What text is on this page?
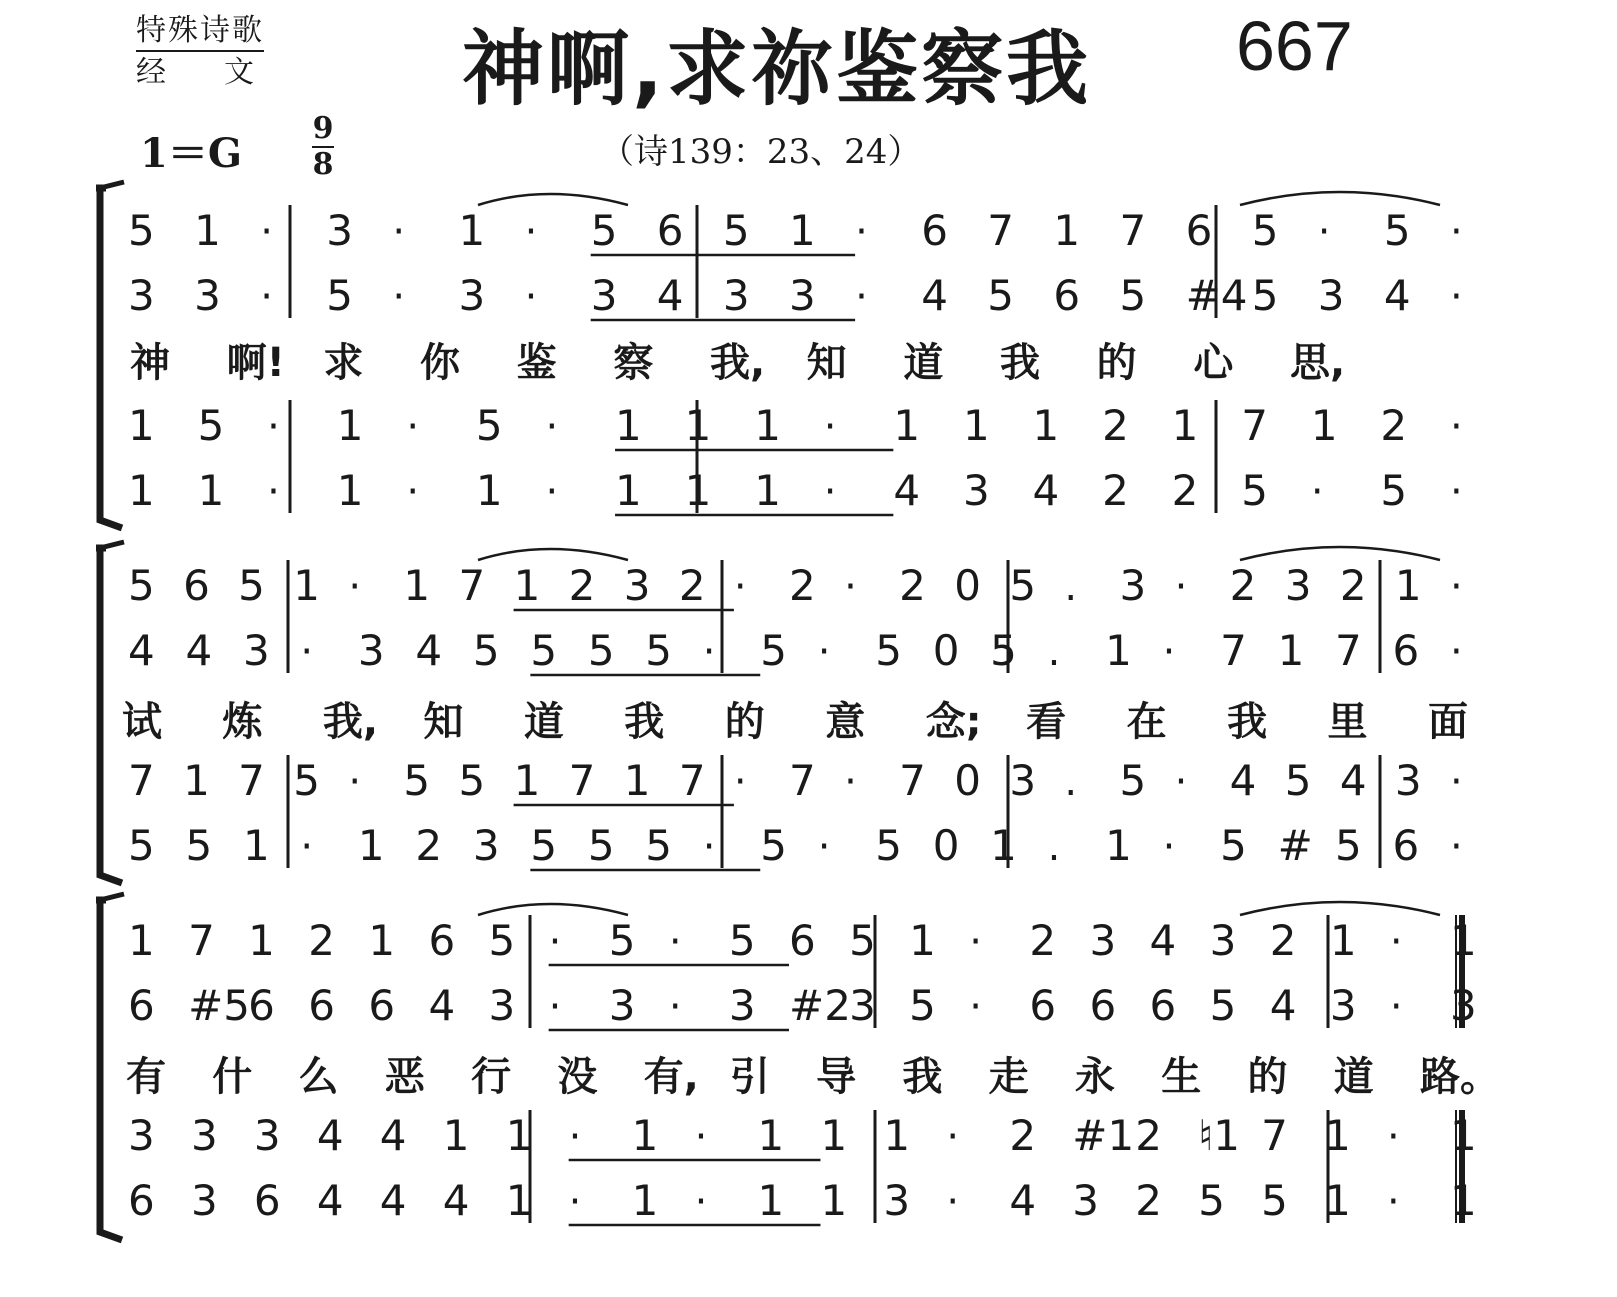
特殊诗歌
经文 神啊,求祢鉴察我 667
1＝G
9
8	（诗139：23、24）
5 1 · 3 · 1 · 5 6 5 1 · 6 7 1 7 6 5 · 5 ·
3 3 · 5 · 3 · 3 4 3 3 · 4 5 6 5 #4 5 3 4 ·
1 5 · 1 · 5 · 1 1 1 · 1 1 1 2 1 7 1 2 ·
1 1 · 1 · 1 · 1 1 1 · 4 3 4 2 2 5 · 5 ·
神 啊! 求 你 鉴 察 我, 知 道 我 的 心 思,
5 6 5 1 · 1 7 1 2 3 2 · 2 · 2 0 5 . 3 · 2 3 2 1 ·
4 4 3 · 3 4 5 5 5 5 · 5 · 5 0 5 . 1 · 7 1 7 6 ·
7 1 7 5 · 5 5 1 7 1 7 · 7 · 7 0 3 . 5 · 4 5 4 3 ·
5 5 1 · 1 2 3 5 5 5 · 5 · 5 0 1 . 1 · 5 # 5 6 ·
试 炼 我, 知 道 我 的 意 念; 看 在 我 里 面
1 7 1 2 1 6 5 · 5 · 5 6 5 1 · 2 3 4 3 2 1 · 1
6 #5
6 6 6 4 3 · 3 · 3 #2
3 5 · 6 6 6 5 4 3 · 3
3 3 3 4 4 1 1 · 1 · 1 1 1 · 2 #1 2 ♮1 7 1 · 1
6 3 6 4 4 4 1 · 1 · 1 1 3 · 4 3 2 5 5 1 · 1
有 什 么 恶 行 没 有, 引 导 我 走 永 生 的 道 路。
